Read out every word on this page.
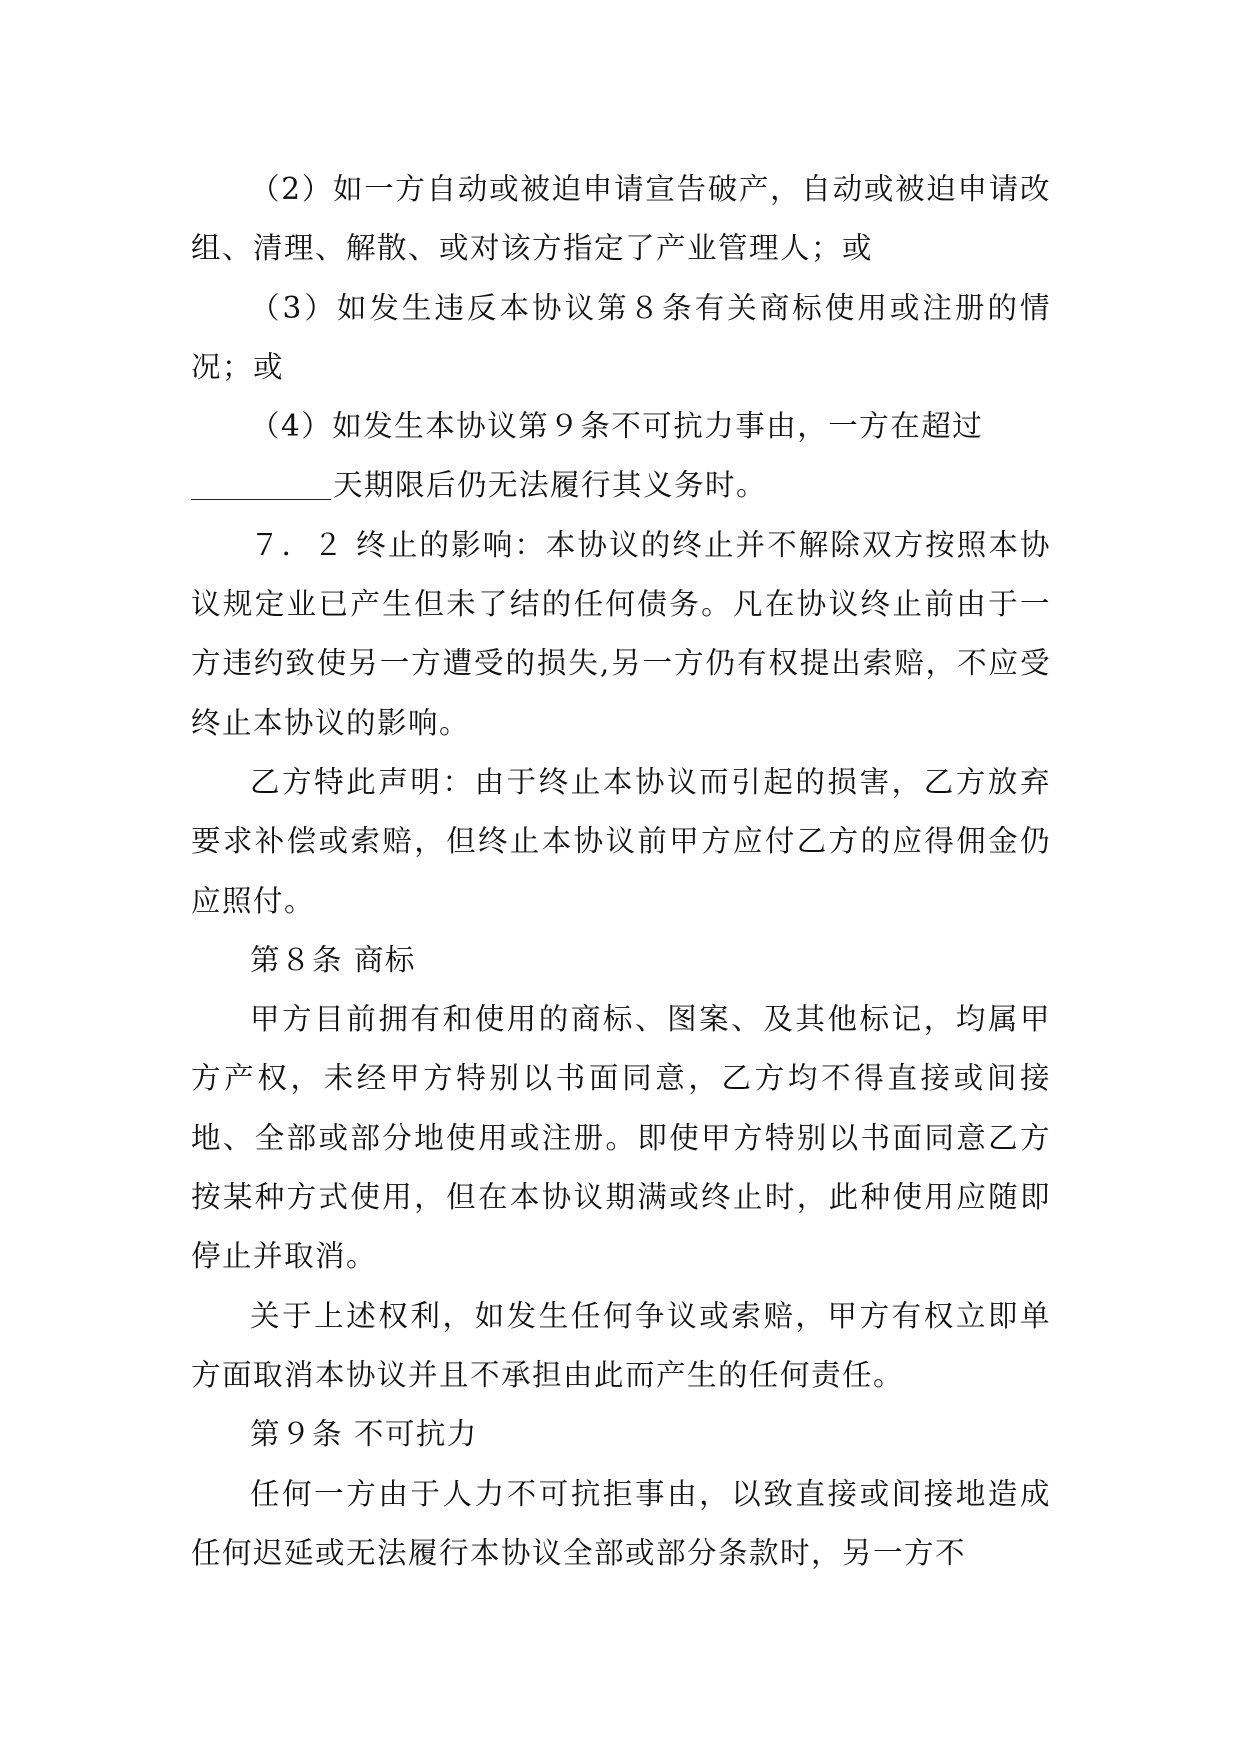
（2）如一方自动或被迫申请宣告破产，自动或被迫申请改组、清理、解散、或对该方指定了产业管理人；或

（3）如发生违反本协议第８条有关商标使用或注册的情况；或

（4）如发生本协议第９条不可抗力事由，一方在超过

天期限后仍无法履行其义务时。

７．２ 终止的影响：本协议的终止并不解除双方按照本协议规定业已产生但未了结的任何债务。凡在协议终止前由于一方违约致使另一方遭受的损失,另一方仍有权提出索赔，不应受终止本协议的影响。

乙方特此声明：由于终止本协议而引起的损害，乙方放弃要求补偿或索赔，但终止本协议前甲方应付乙方的应得佣金仍应照付。

第８条 商标

甲方目前拥有和使用的商标、图案、及其他标记，均属甲方产权，未经甲方特别以书面同意，乙方均不得直接或间接地、全部或部分地使用或注册。即使甲方特别以书面同意乙方按某种方式使用，但在本协议期满或终止时，此种使用应随即停止并取消。

关于上述权利，如发生任何争议或索赔，甲方有权立即单方面取消本协议并且不承担由此而产生的任何责任。

第９条 不可抗力

任何一方由于人力不可抗拒事由，以致直接或间接地造成任何迟延或无法履行本协议全部或部分条款时，另一方不
